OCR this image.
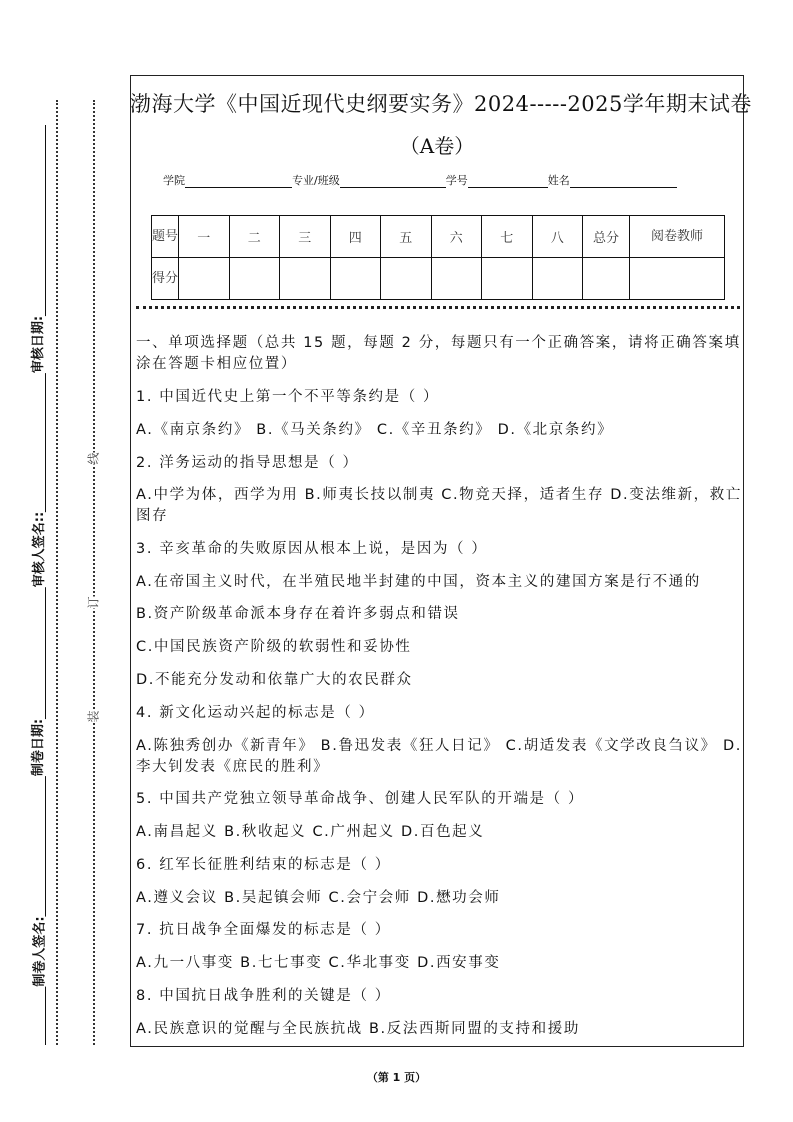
审核日期:
审核人签名::
制卷日期:
制卷人签名:
线
订
装
渤海大学《中国近现代史纲要实务》2024-----2025学年期末试卷
（A卷）
学院	专业/班级	学号	姓名
题号	一	二	三	四	五	六	七	八	总分	阅卷教师
得分										
一、单项选择题（总共 15 题，每题 2 分，每题只有一个正确答案，请将正确答案填涂在答题卡相应位置）
1. 中国近代史上第一个不平等条约是（ ）
A.《南京条约》 B.《马关条约》 C.《辛丑条约》 D.《北京条约》
2. 洋务运动的指导思想是（ ）
A.中学为体，西学为用 B.师夷长技以制夷 C.物竞天择，适者生存 D.变法维新，救亡图存
3. 辛亥革命的失败原因从根本上说，是因为（ ）
A.在帝国主义时代，在半殖民地半封建的中国，资本主义的建国方案是行不通的
B.资产阶级革命派本身存在着许多弱点和错误
C.中国民族资产阶级的软弱性和妥协性
D.不能充分发动和依靠广大的农民群众
4. 新文化运动兴起的标志是（ ）
A.陈独秀创办《新青年》 B.鲁迅发表《狂人日记》 C.胡适发表《文学改良刍议》 D.李大钊发表《庶民的胜利》
5. 中国共产党独立领导革命战争、创建人民军队的开端是（ ）
A.南昌起义 B.秋收起义 C.广州起义 D.百色起义
6. 红军长征胜利结束的标志是（ ）
A.遵义会议 B.吴起镇会师 C.会宁会师 D.懋功会师
7. 抗日战争全面爆发的标志是（ ）
A.九一八事变 B.七七事变 C.华北事变 D.西安事变
8. 中国抗日战争胜利的关键是（ ）
A.民族意识的觉醒与全民族抗战 B.反法西斯同盟的支持和援助
（第 1 页）
